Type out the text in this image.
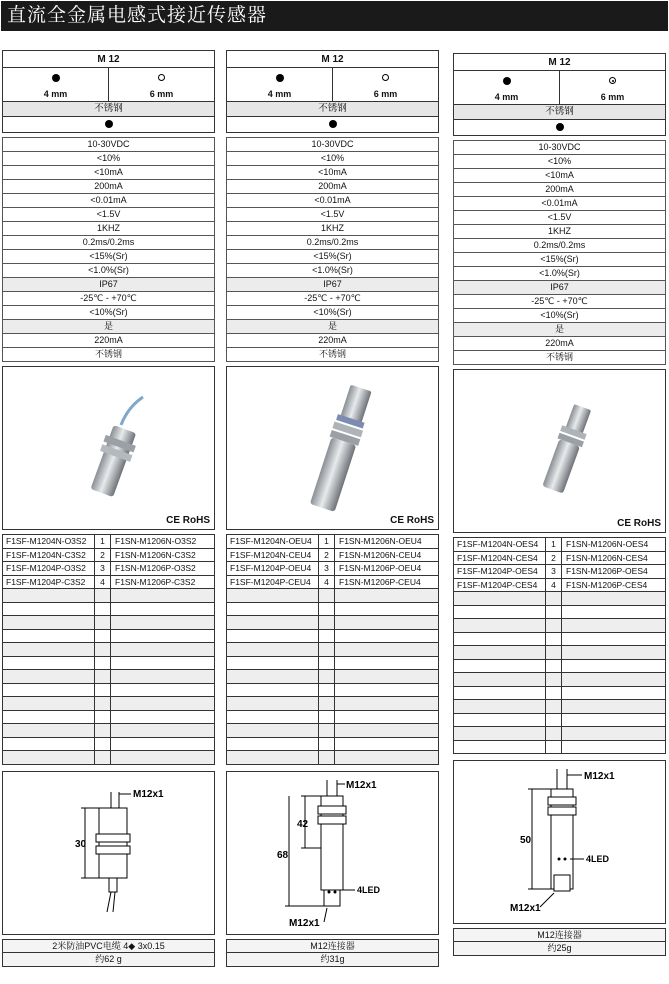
直流全金属电感式接近传感器
M 12
4 mm	6 mm
不锈钢
10-30VDC
<10%
<10mA
200mA
<0.01mA
<1.5V
1KHZ
0.2ms/0.2ms
<15%(Sr)
<1.0%(Sr)
IP67
-25℃ - +70℃
<10%(Sr)
是
220mA
不锈钢
CE RoHS
F1SF-M1204N-O3S2	1	F1SN-M1206N-O3S2
F1SF-M1204N-C3S2	2	F1SN-M1206N-C3S2
F1SF-M1204P-O3S2	3	F1SN-M1206P-O3S2
F1SF-M1204P-C3S2	4	F1SN-M1206P-C3S2
M12x1
30
2米防油PVC电缆 4◆ 3x0.15
约62 g
M 12
4 mm	6 mm
不锈钢
10-30VDC
<10%
<10mA
200mA
<0.01mA
<1.5V
1KHZ
0.2ms/0.2ms
<15%(Sr)
<1.0%(Sr)
IP67
-25℃ - +70℃
<10%(Sr)
是
220mA
不锈钢
CE RoHS
F1SF-M1204N-OEU4	1	F1SN-M1206N-OEU4
F1SF-M1204N-CEU4	2	F1SN-M1206N-CEU4
F1SF-M1204P-OEU4	3	F1SN-M1206P-OEU4
F1SF-M1204P-CEU4	4	F1SN-M1206P-CEU4
M12x1
42
68
4LED
M12x1
M12连接器
约31g
M 12
4 mm	6 mm
不锈钢
10-30VDC
<10%
<10mA
200mA
<0.01mA
<1.5V
1KHZ
0.2ms/0.2ms
<15%(Sr)
<1.0%(Sr)
IP67
-25℃ - +70℃
<10%(Sr)
是
220mA
不锈钢
CE RoHS
F1SF-M1204N-OES4	1	F1SN-M1206N-OES4
F1SF-M1204N-CES4	2	F1SN-M1206N-CES4
F1SF-M1204P-OES4	3	F1SN-M1206P-OES4
F1SF-M1204P-CES4	4	F1SN-M1206P-CES4
M12x1
50
4LED
M12x1
M12连接器
约25g
